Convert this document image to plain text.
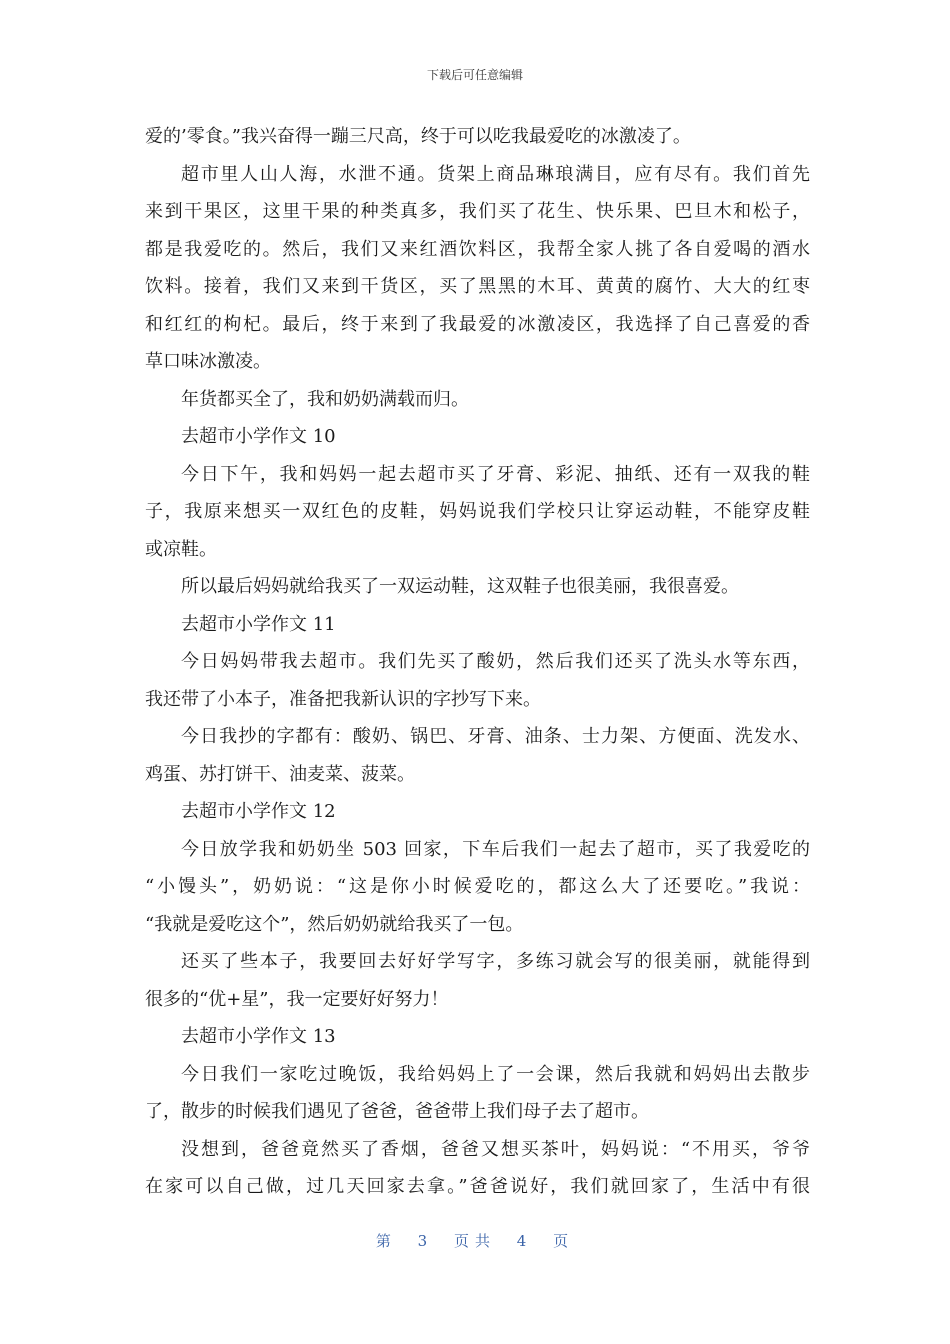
下载后可任意编辑
爱的’零食。”我兴奋得一蹦三尺高，终于可以吃我最爱吃的冰激凌了。
超市里人山人海，水泄不通。货架上商品琳琅满目，应有尽有。我们首先
来到干果区，这里干果的种类真多，我们买了花生、快乐果、巴旦木和松子，
都是我爱吃的。然后，我们又来红酒饮料区，我帮全家人挑了各自爱喝的酒水
饮料。接着，我们又来到干货区，买了黑黑的木耳、黄黄的腐竹、大大的红枣
和红红的枸杞。最后，终于来到了我最爱的冰激凌区，我选择了自己喜爱的香
草口味冰激凌。
年货都买全了，我和奶奶满载而归。
去超市小学作文 10
今日下午，我和妈妈一起去超市买了牙膏、彩泥、抽纸、还有一双我的鞋
子，我原来想买一双红色的皮鞋，妈妈说我们学校只让穿运动鞋，不能穿皮鞋
或凉鞋。
所以最后妈妈就给我买了一双运动鞋，这双鞋子也很美丽，我很喜爱。
去超市小学作文 11
今日妈妈带我去超市。我们先买了酸奶，然后我们还买了洗头水等东西，
我还带了小本子，准备把我新认识的字抄写下来。
今日我抄的字都有：酸奶、锅巴、牙膏、油条、士力架、方便面、洗发水、
鸡蛋、苏打饼干、油麦菜、菠菜。
去超市小学作文 12
今日放学我和奶奶坐 503 回家，下车后我们一起去了超市，买了我爱吃的
“小馒头”，奶奶说：“这是你小时候爱吃的，都这么大了还要吃。”我说：
“我就是爱吃这个”，然后奶奶就给我买了一包。
还买了些本子，我要回去好好学写字，多练习就会写的很美丽，就能得到
很多的“优+星”，我一定要好好努力！
去超市小学作文 13
今日我们一家吃过晚饭，我给妈妈上了一会课，然后我就和妈妈出去散步
了，散步的时候我们遇见了爸爸，爸爸带上我们母子去了超市。
没想到，爸爸竟然买了香烟，爸爸又想买茶叶，妈妈说：“不用买，爷爷
在家可以自己做，过几天回家去拿。”爸爸说好，我们就回家了，生活中有很
第 3 页共 4 页
